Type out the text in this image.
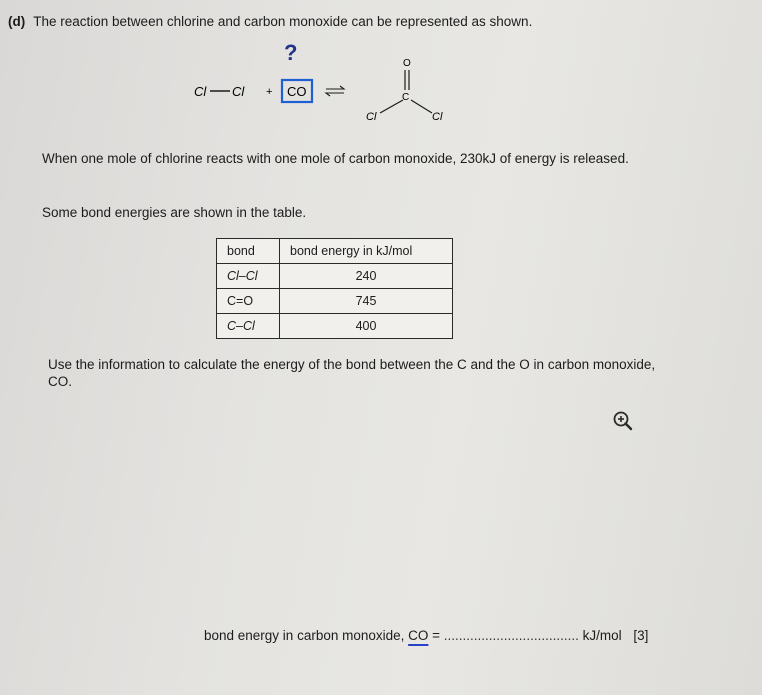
(d) The reaction between chlorine and carbon monoxide can be represented as shown.
?
Cl Cl + CO
O
C
Cl	Cl
When one mole of chlorine reacts with one mole of carbon monoxide, 230kJ of energy is released.
Some bond energies are shown in the table.
bond	bond energy in kJ/mol
Cl–Cl	240
C=O	745
C–Cl	400
Use the information to calculate the energy of the bond between the C and the O in carbon monoxide, CO.
bond energy in carbon monoxide, CO = .................................... kJ/mol [3]
